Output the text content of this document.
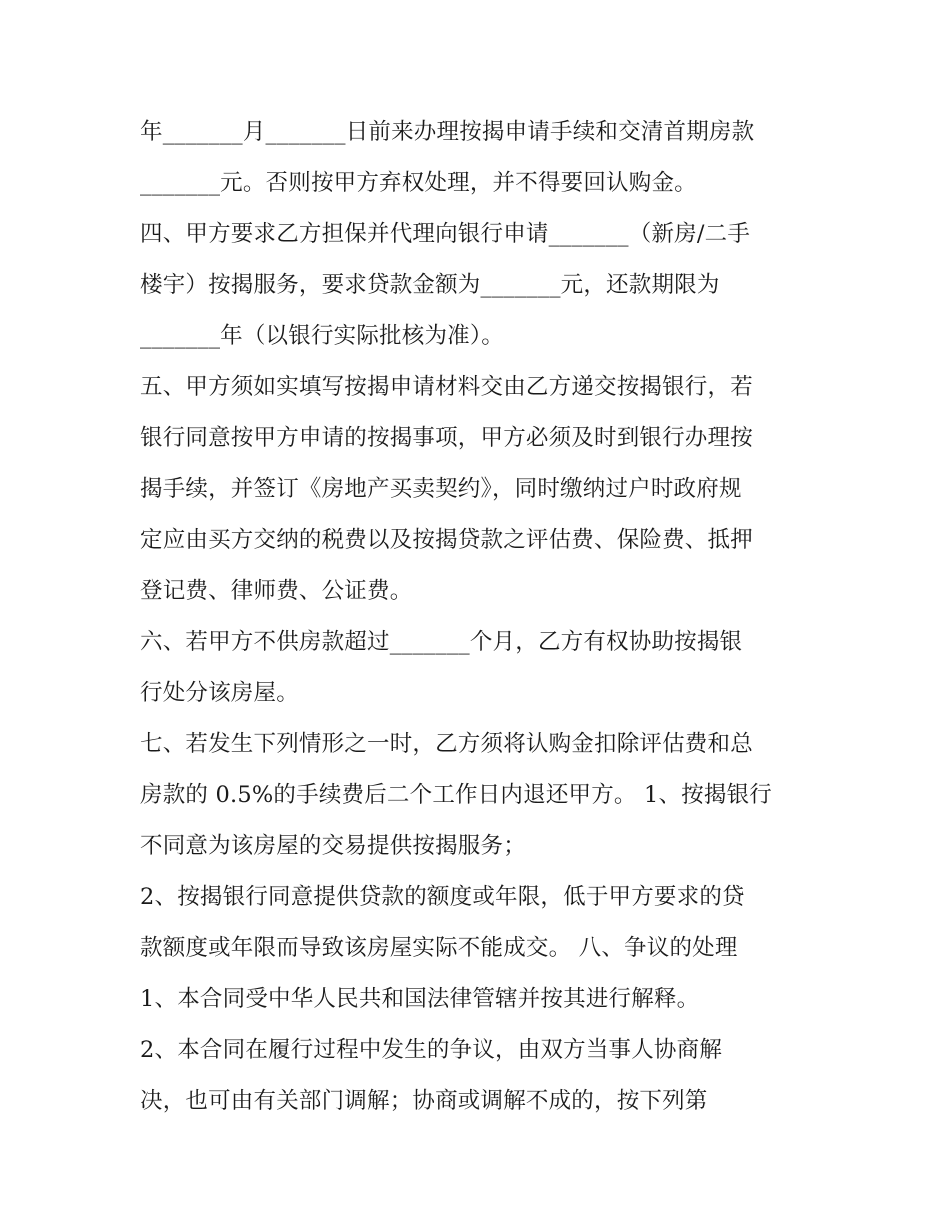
年_______月_______日前来办理按揭申请手续和交清首期房款
_______元。否则按甲方弃权处理，并不得要回认购金。
四、甲方要求乙方担保并代理向银行申请_______（新房/二手
楼宇）按揭服务，要求贷款金额为_______元，还款期限为
_______年（以银行实际批核为准）。
五、甲方须如实填写按揭申请材料交由乙方递交按揭银行，若
银行同意按甲方申请的按揭事项，甲方必须及时到银行办理按
揭手续，并签订《房地产买卖契约》，同时缴纳过户时政府规
定应由买方交纳的税费以及按揭贷款之评估费、保险费、抵押
登记费、律师费、公证费。
六、若甲方不供房款超过_______个月，乙方有权协助按揭银
行处分该房屋。
七、若发生下列情形之一时，乙方须将认购金扣除评估费和总
房款的 0.5%的手续费后二个工作日内退还甲方。 1、按揭银行
不同意为该房屋的交易提供按揭服务；
2、按揭银行同意提供贷款的额度或年限，低于甲方要求的贷
款额度或年限而导致该房屋实际不能成交。 八、争议的处理
1、本合同受中华人民共和国法律管辖并按其进行解释。
2、本合同在履行过程中发生的争议，由双方当事人协商解
决，也可由有关部门调解；协商或调解不成的，按下列第
